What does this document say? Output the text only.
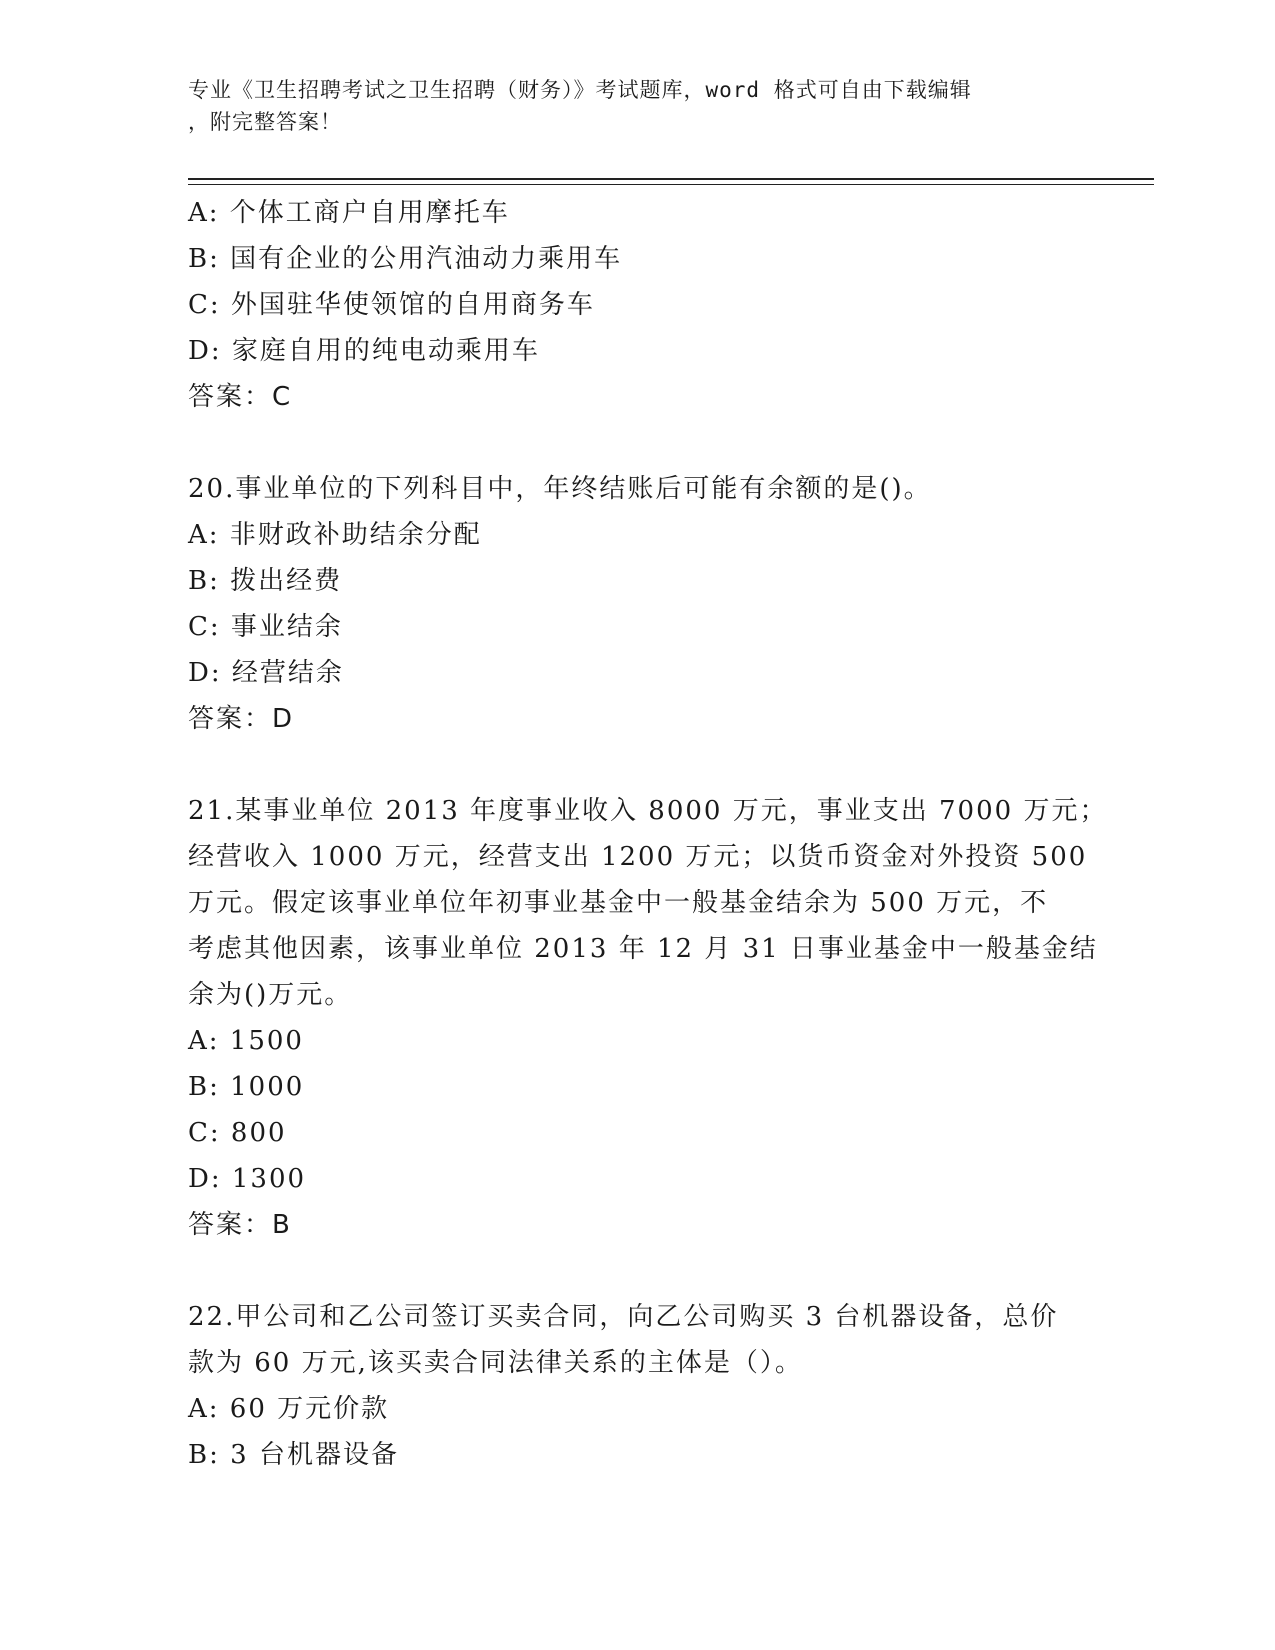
专业《卫生招聘考试之卫生招聘（财务）》考试题库，word 格式可自由下载编辑
，附完整答案！
A: 个体工商户自用摩托车
B: 国有企业的公用汽油动力乘用车
C: 外国驻华使领馆的自用商务车
D: 家庭自用的纯电动乘用车
答案：C
20.事业单位的下列科目中，年终结账后可能有余额的是()。
A: 非财政补助结余分配
B: 拨出经费
C: 事业结余
D: 经营结余
答案：D
21.某事业单位 2013 年度事业收入 8000 万元，事业支出 7000 万元；
经营收入 1000 万元，经营支出 1200 万元；以货币资金对外投资 500
万元。假定该事业单位年初事业基金中一般基金结余为 500 万元，不
考虑其他因素，该事业单位 2013 年 12 月 31 日事业基金中一般基金结
余为()万元。
A: 1500
B: 1000
C: 800
D: 1300
答案：B
22.甲公司和乙公司签订买卖合同，向乙公司购买 3 台机器设备，总价
款为 60 万元,该买卖合同法律关系的主体是（）。
A: 60 万元价款
B: 3 台机器设备
